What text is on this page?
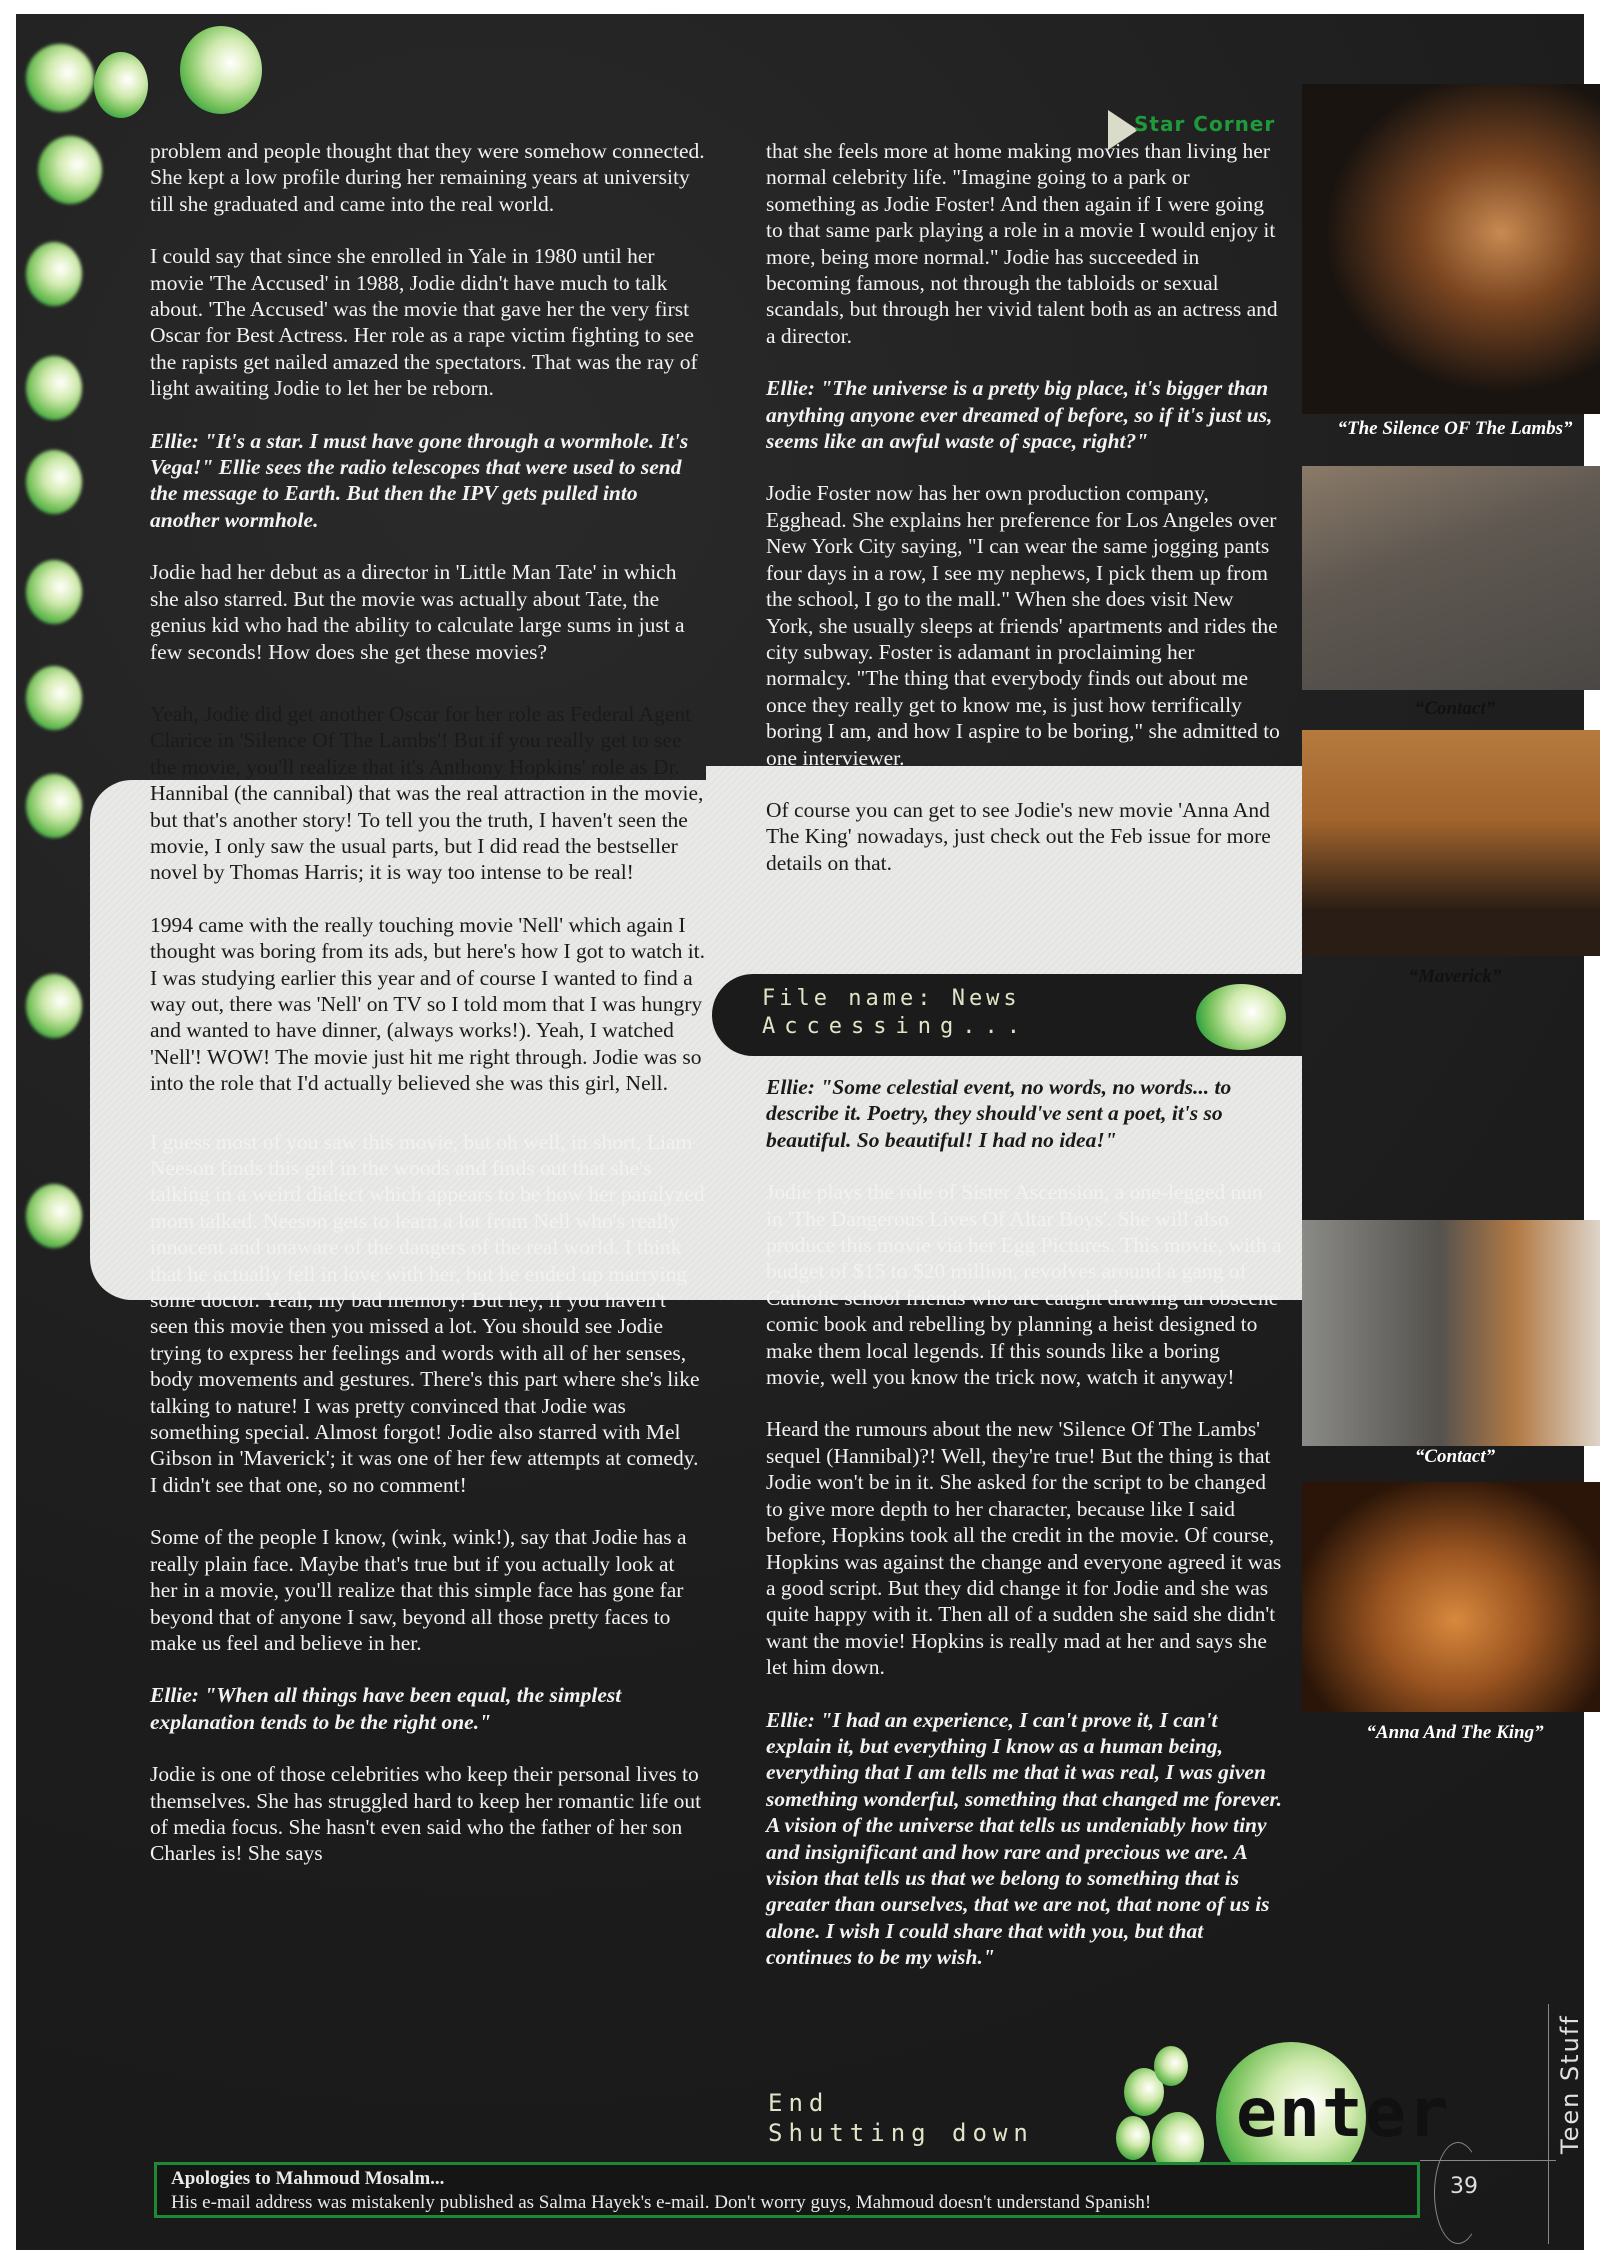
Star Corner

problem and people thought that they were somehow connected. She kept a low profile during her remaining years at university till she graduated and came into the real world.

I could say that since she enrolled in Yale in 1980 until her movie 'The Accused' in 1988, Jodie didn't have much to talk about. 'The Accused' was the movie that gave her the very first Oscar for Best Actress. Her role as a rape victim fighting to see the rapists get nailed amazed the spectators. That was the ray of light awaiting Jodie to let her be reborn.

Ellie: "It's a star. I must have gone through a wormhole. It's Vega!" Ellie sees the radio telescopes that were used to send the message to Earth. But then the IPV gets pulled into another wormhole.

Jodie had her debut as a director in 'Little Man Tate' in which she also starred. But the movie was actually about Tate, the genius kid who had the ability to calculate large sums in just a few seconds! How does she get these movies?

Yeah, Jodie did get another Oscar for her role as Federal Agent Clarice in 'Silence Of The Lambs'! But if you really get to see the movie, you'll realize that it's Anthony Hopkins' role as Dr. Hannibal (the cannibal) that was the real attraction in the movie, but that's another story! To tell you the truth, I haven't seen the movie, I only saw the usual parts, but I did read the bestseller novel by Thomas Harris; it is way too intense to be real!

1994 came with the really touching movie 'Nell' which again I thought was boring from its ads, but here's how I got to watch it. I was studying earlier this year and of course I wanted to find a way out, there was 'Nell' on TV so I told mom that I was hungry and wanted to have dinner, (always works!). Yeah, I watched 'Nell'! WOW! The movie just hit me right through. Jodie was so into the role that I'd actually believed she was this girl, Nell.

I guess most of you saw this movie, but oh well, in short, Liam Neeson finds this girl in the woods and finds out that she's talking in a weird dialect which appears to be how her paralyzed mom talked. Neeson gets to learn a lot from Nell who's really innocent and unaware of the dangers of the real world. I think that he actually fell in love with her, but he ended up marrying some doctor. Yeah, my bad memory! But hey, if you haven't seen this movie then you missed a lot. You should see Jodie trying to express her feelings and words with all of her senses, body movements and gestures. There's this part where she's like talking to nature! I was pretty convinced that Jodie was something special. Almost forgot! Jodie also starred with Mel Gibson in 'Maverick'; it was one of her few attempts at comedy. I didn't see that one, so no comment!

Some of the people I know, (wink, wink!), say that Jodie has a really plain face. Maybe that's true but if you actually look at her in a movie, you'll realize that this simple face has gone far beyond that of anyone I saw, beyond all those pretty faces to make us feel and believe in her.

Ellie: "When all things have been equal, the simplest explanation tends to be the right one."

Jodie is one of those celebrities who keep their personal lives to themselves. She has struggled hard to keep her romantic life out of media focus. She hasn't even said who the father of her son Charles is! She says

that she feels more at home making movies than living her normal celebrity life. "Imagine going to a park or something as Jodie Foster! And then again if I were going to that same park playing a role in a movie I would enjoy it more, being more normal." Jodie has succeeded in becoming famous, not through the tabloids or sexual scandals, but through her vivid talent both as an actress and a director.

Ellie: "The universe is a pretty big place, it's bigger than anything anyone ever dreamed of before, so if it's just us, seems like an awful waste of space, right?"

Jodie Foster now has her own production company, Egghead. She explains her preference for Los Angeles over New York City saying, "I can wear the same jogging pants four days in a row, I see my nephews, I pick them up from the school, I go to the mall." When she does visit New York, she usually sleeps at friends' apartments and rides the city subway. Foster is adamant in proclaiming her normalcy. "The thing that everybody finds out about me once they really get to know me, is just how terrifically boring I am, and how I aspire to be boring," she admitted to one interviewer.

Of course you can get to see Jodie's new movie 'Anna And The King' nowadays, just check out the Feb issue for more details on that.

File name: News
Accessing...

Ellie: "Some celestial event, no words, no words... to describe it. Poetry, they should've sent a poet, it's so beautiful. So beautiful! I had no idea!"

Jodie plays the role of Sister Ascension, a one-legged nun in 'The Dangerous Lives Of Altar Boys'. She will also produce this movie via her Egg Pictures. This movie, with a budget of $15 to $20 million, revolves around a gang of Catholic school friends who are caught drawing an obscene comic book and rebelling by planning a heist designed to make them local legends. If this sounds like a boring movie, well you know the trick now, watch it anyway!

Heard the rumours about the new 'Silence Of The Lambs' sequel (Hannibal)?! Well, they're true! But the thing is that Jodie won't be in it. She asked for the script to be changed to give more depth to her character, because like I said before, Hopkins took all the credit in the movie. Of course, Hopkins was against the change and everyone agreed it was a good script. But they did change it for Jodie and she was quite happy with it. Then all of a sudden she said she didn't want the movie! Hopkins is really mad at her and says she let him down.

Ellie: "I had an experience, I can't prove it, I can't explain it, but everything I know as a human being, everything that I am tells me that it was real, I was given something wonderful, something that changed me forever. A vision of the universe that tells us undeniably how tiny and insignificant and how rare and precious we are. A vision that tells us that we belong to something that is greater than ourselves, that we are not, that none of us is alone. I wish I could share that with you, but that continues to be my wish."

“The Silence OF The Lambs”
“Contact”
“Maverick”
“Contact”
“Anna And The King”
End
Shutting down	enter
Apologies to Mahmoud Mosalm...
His e-mail address was mistakenly published as Salma Hayek's e-mail. Don't worry guys, Mahmoud doesn't understand Spanish!
39
Teen Stuff
